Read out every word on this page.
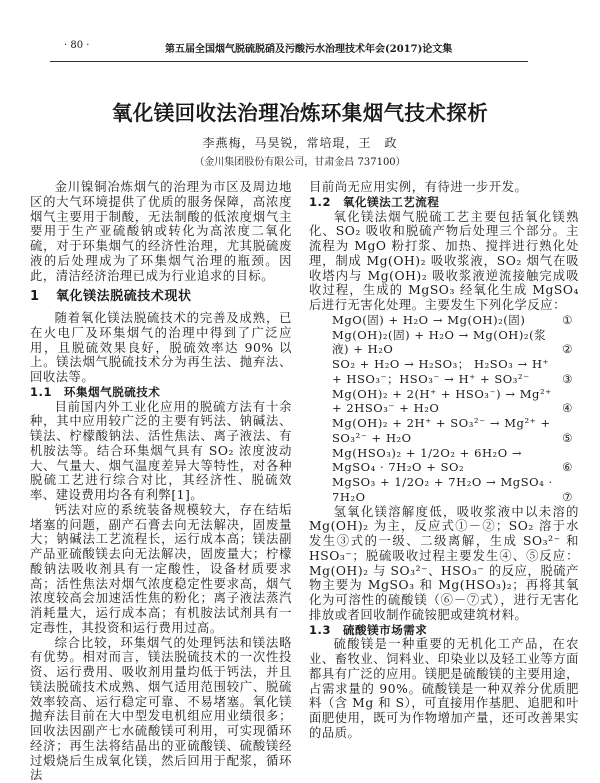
· 80 ·	第五届全国烟气脱硫脱硝及污酸污水治理技术年会(2017)论文集
氧化镁回收法治理冶炼环集烟气技术探析
李燕梅，马昊锐，常培琨，王　政
（金川集团股份有限公司，甘肃金昌 737100）

金川镍铜冶炼烟气的治理为市区及周边地区的大气环境提供了优质的服务保障，高浓度烟气主要用于制酸，无法制酸的低浓度烟气主要用于生产亚硫酸钠或转化为高浓度二氧化硫，对于环集烟气的经济性治理，尤其脱硫废液的后处理成为了环集烟气治理的瓶颈。因此，清洁经济治理已成为行业追求的目标。

1 氧化镁法脱硫技术现状

随着氧化镁法脱硫技术的完善及成熟，已在火电厂及环集烟气的治理中得到了广泛应用，且脱硫效果良好，脱硫效率达 90% 以上。镁法烟气脱硫技术分为再生法、抛弃法、回收法等。

1.1 环集烟气脱硫技术

目前国内外工业化应用的脱硫方法有十余种，其中应用较广泛的主要有钙法、钠碱法、镁法、柠檬酸钠法、活性焦法、离子液法、有机胺法等。结合环集烟气具有 SO₂ 浓度波动大、气量大、烟气温度差异大等特性，对各种脱硫工艺进行综合对比，其经济性、脱硫效率、建设费用均各有利弊[1]。

钙法对应的系统装备规模较大，存在结垢堵塞的问题，副产石膏去向无法解决，固废量大；钠碱法工艺流程长，运行成本高；镁法副产品亚硫酸镁去向无法解决，固废量大；柠檬酸钠法吸收剂具有一定酸性，设备材质要求高；活性焦法对烟气浓度稳定性要求高，烟气浓度较高会加速活性焦的粉化；离子液法蒸汽消耗量大，运行成本高；有机胺法试剂具有一定毒性，其投资和运行费用过高。

综合比较，环集烟气的处理钙法和镁法略有优势。相对而言，镁法脱硫技术的一次性投资、运行费用、吸收剂用量均低于钙法，并且镁法脱硫技术成熟、烟气适用范围较广、脱硫效率较高、运行稳定可靠、不易堵塞。氧化镁抛弃法目前在大中型发电机组应用业绩很多；回收法因副产七水硫酸镁可利用，可实现循环经济；再生法将结晶出的亚硫酸镁、硫酸镁经过煅烧后生成氧化镁，然后回用于配浆，循环法

目前尚无应用实例，有待进一步开发。

1.2 氧化镁法工艺流程

氧化镁法烟气脱硫工艺主要包括氧化镁熟化、SO₂ 吸收和脱硫产物后处理三个部分。主流程为 MgO 粉打浆、加热、搅拌进行熟化处理，制成 Mg(OH)₂ 吸收浆液，SO₂ 烟气在吸收塔内与 Mg(OH)₂ 吸收浆液逆流接触完成吸收过程，生成的 MgSO₃ 经氧化生成 MgSO₄ 后进行无害化处理。主要发生下列化学反应：

MgO(固) + H₂O → Mg(OH)₂(固)	①
Mg(OH)₂(固) + H₂O → Mg(OH)₂(浆液) + H₂O	②
SO₂ + H₂O → H₂SO₃； H₂SO₃ → H⁺ + HSO₃⁻；HSO₃⁻ → H⁺ + SO₃²⁻	③
Mg(OH)₂ + 2(H⁺ + HSO₃⁻) → Mg²⁺ + 2HSO₃⁻ + H₂O	④
Mg(OH)₂ + 2H⁺ + SO₃²⁻ → Mg²⁺ + SO₃²⁻ + H₂O	⑤
Mg(HSO₃)₂ + 1/2O₂ + 6H₂O → MgSO₄ · 7H₂O + SO₂	⑥
MgSO₃ + 1/2O₂ + 7H₂O → MgSO₄ · 7H₂O	⑦

氢氧化镁溶解度低，吸收浆液中以未溶的 Mg(OH)₂ 为主，反应式①－②；SO₂ 溶于水发生③式的一级、二级离解，生成 SO₃²⁻ 和 HSO₃⁻；脱硫吸收过程主要发生④、⑤反应：Mg(OH)₂ 与 SO₃²⁻、HSO₃⁻ 的反应，脱硫产物主要为 MgSO₃ 和 Mg(HSO₃)₂；再将其氧化为可溶性的硫酸镁（⑥－⑦式），进行无害化排放或者回收制作硫铵肥或建筑材料。

1.3 硫酸镁市场需求

硫酸镁是一种重要的无机化工产品，在农业、畜牧业、饲料业、印染业以及轻工业等方面都具有广泛的应用。镁肥是硫酸镁的主要用途，占需求量的 90%。硫酸镁是一种双养分优质肥料（含 Mg 和 S），可直接用作基肥、追肥和叶面肥使用，既可为作物增加产量，还可改善果实的品质。
